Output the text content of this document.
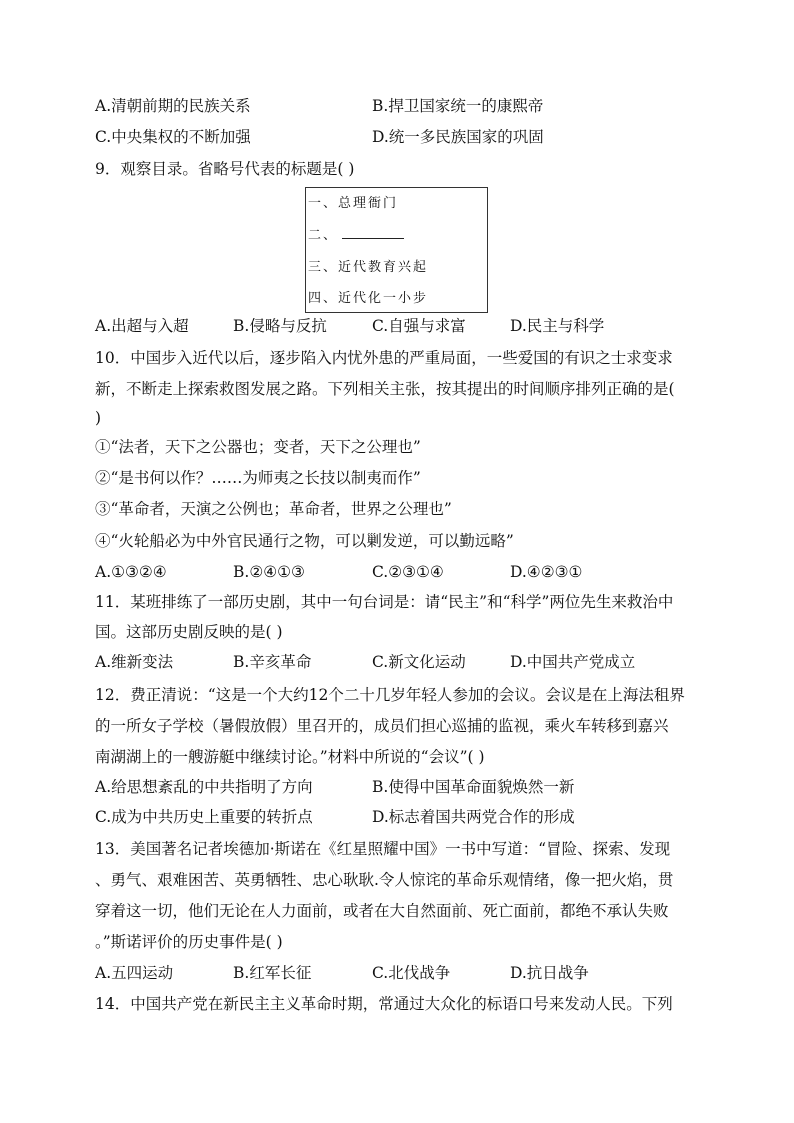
A.清朝前期的民族关系	B.捍卫国家统一的康熙帝
C.中央集权的不断加强	D.统一多民族国家的巩固
9．观察目录。省略号代表的标题是( )
一、总理衙门
二、
三、近代教育兴起
四、近代化一小步
A.出超与入超	B.侵略与反抗	C.自强与求富	D.民主与科学
10．中国步入近代以后，逐步陷入内忧外患的严重局面，一些爱国的有识之士求变求
新，不断走上探索救图发展之路。下列相关主张，按其提出的时间顺序排列正确的是(
)
①“法者，天下之公器也；变者，天下之公理也”
②“是书何以作？……为师夷之长技以制夷而作”
③“革命者，天演之公例也；革命者，世界之公理也”
④“火轮船必为中外官民通行之物，可以剿发逆，可以勤远略”
A.①③②④	B.②④①③	C.②③①④	D.④②③①
11．某班排练了一部历史剧，其中一句台词是：请“民主”和“科学”两位先生来救治中
国。这部历史剧反映的是( )
A.维新变法	B.辛亥革命	C.新文化运动	D.中国共产党成立
12．费正清说：“这是一个大约12个二十几岁年轻人参加的会议。会议是在上海法租界
的一所女子学校（暑假放假）里召开的，成员们担心巡捕的监视，乘火车转移到嘉兴
南湖湖上的一艘游艇中继续讨论。”材料中所说的“会议”( )
A.给思想紊乱的中共指明了方向	B.使得中国革命面貌焕然一新
C.成为中共历史上重要的转折点	D.标志着国共两党合作的形成
13．美国著名记者埃德加·斯诺在《红星照耀中国》一书中写道：“冒险、探索、发现
、勇气、艰难困苦、英勇牺牲、忠心耿耿.令人惊诧的革命乐观情绪，像一把火焰，贯
穿着这一切，他们无论在人力面前，或者在大自然面前、死亡面前，都绝不承认失败
。”斯诺评价的历史事件是( )
A.五四运动	B.红军长征	C.北伐战争	D.抗日战争
14．中国共产党在新民主主义革命时期，常通过大众化的标语口号来发动人民。下列
